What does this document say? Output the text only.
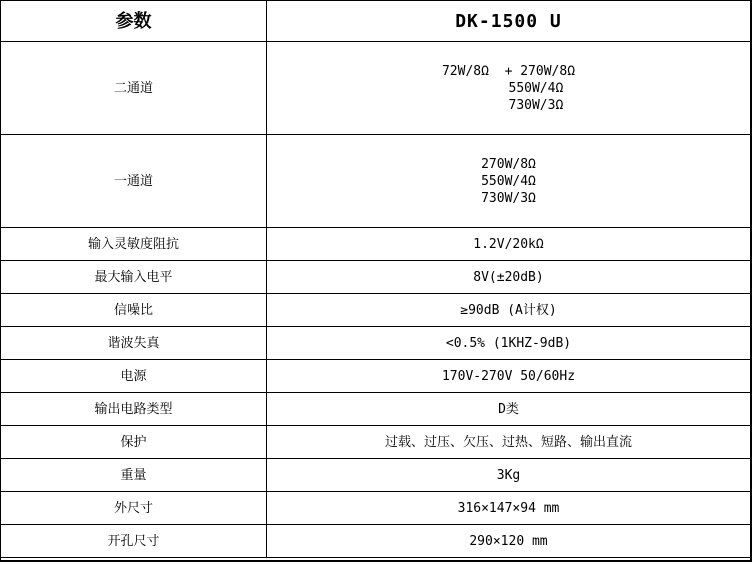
参数	DK-1500 U
二通道	72W/8Ω  + 270W/8Ω
550W/4Ω
730W/3Ω

一通道	270W/8Ω
550W/4Ω
730W/3Ω

输入灵敏度阻抗	1.2V/20kΩ
最大输入电平	8V(±20dB)
信噪比	≥90dB (A计权)
谐波失真	<0.5% (1KHZ-9dB)
电源	170V-270V 50/60Hz
输出电路类型	D类
保护	过载、过压、欠压、过热、短路、输出直流
重量	3Kg
外尺寸	316×147×94 mm
开孔尺寸	290×120 mm
